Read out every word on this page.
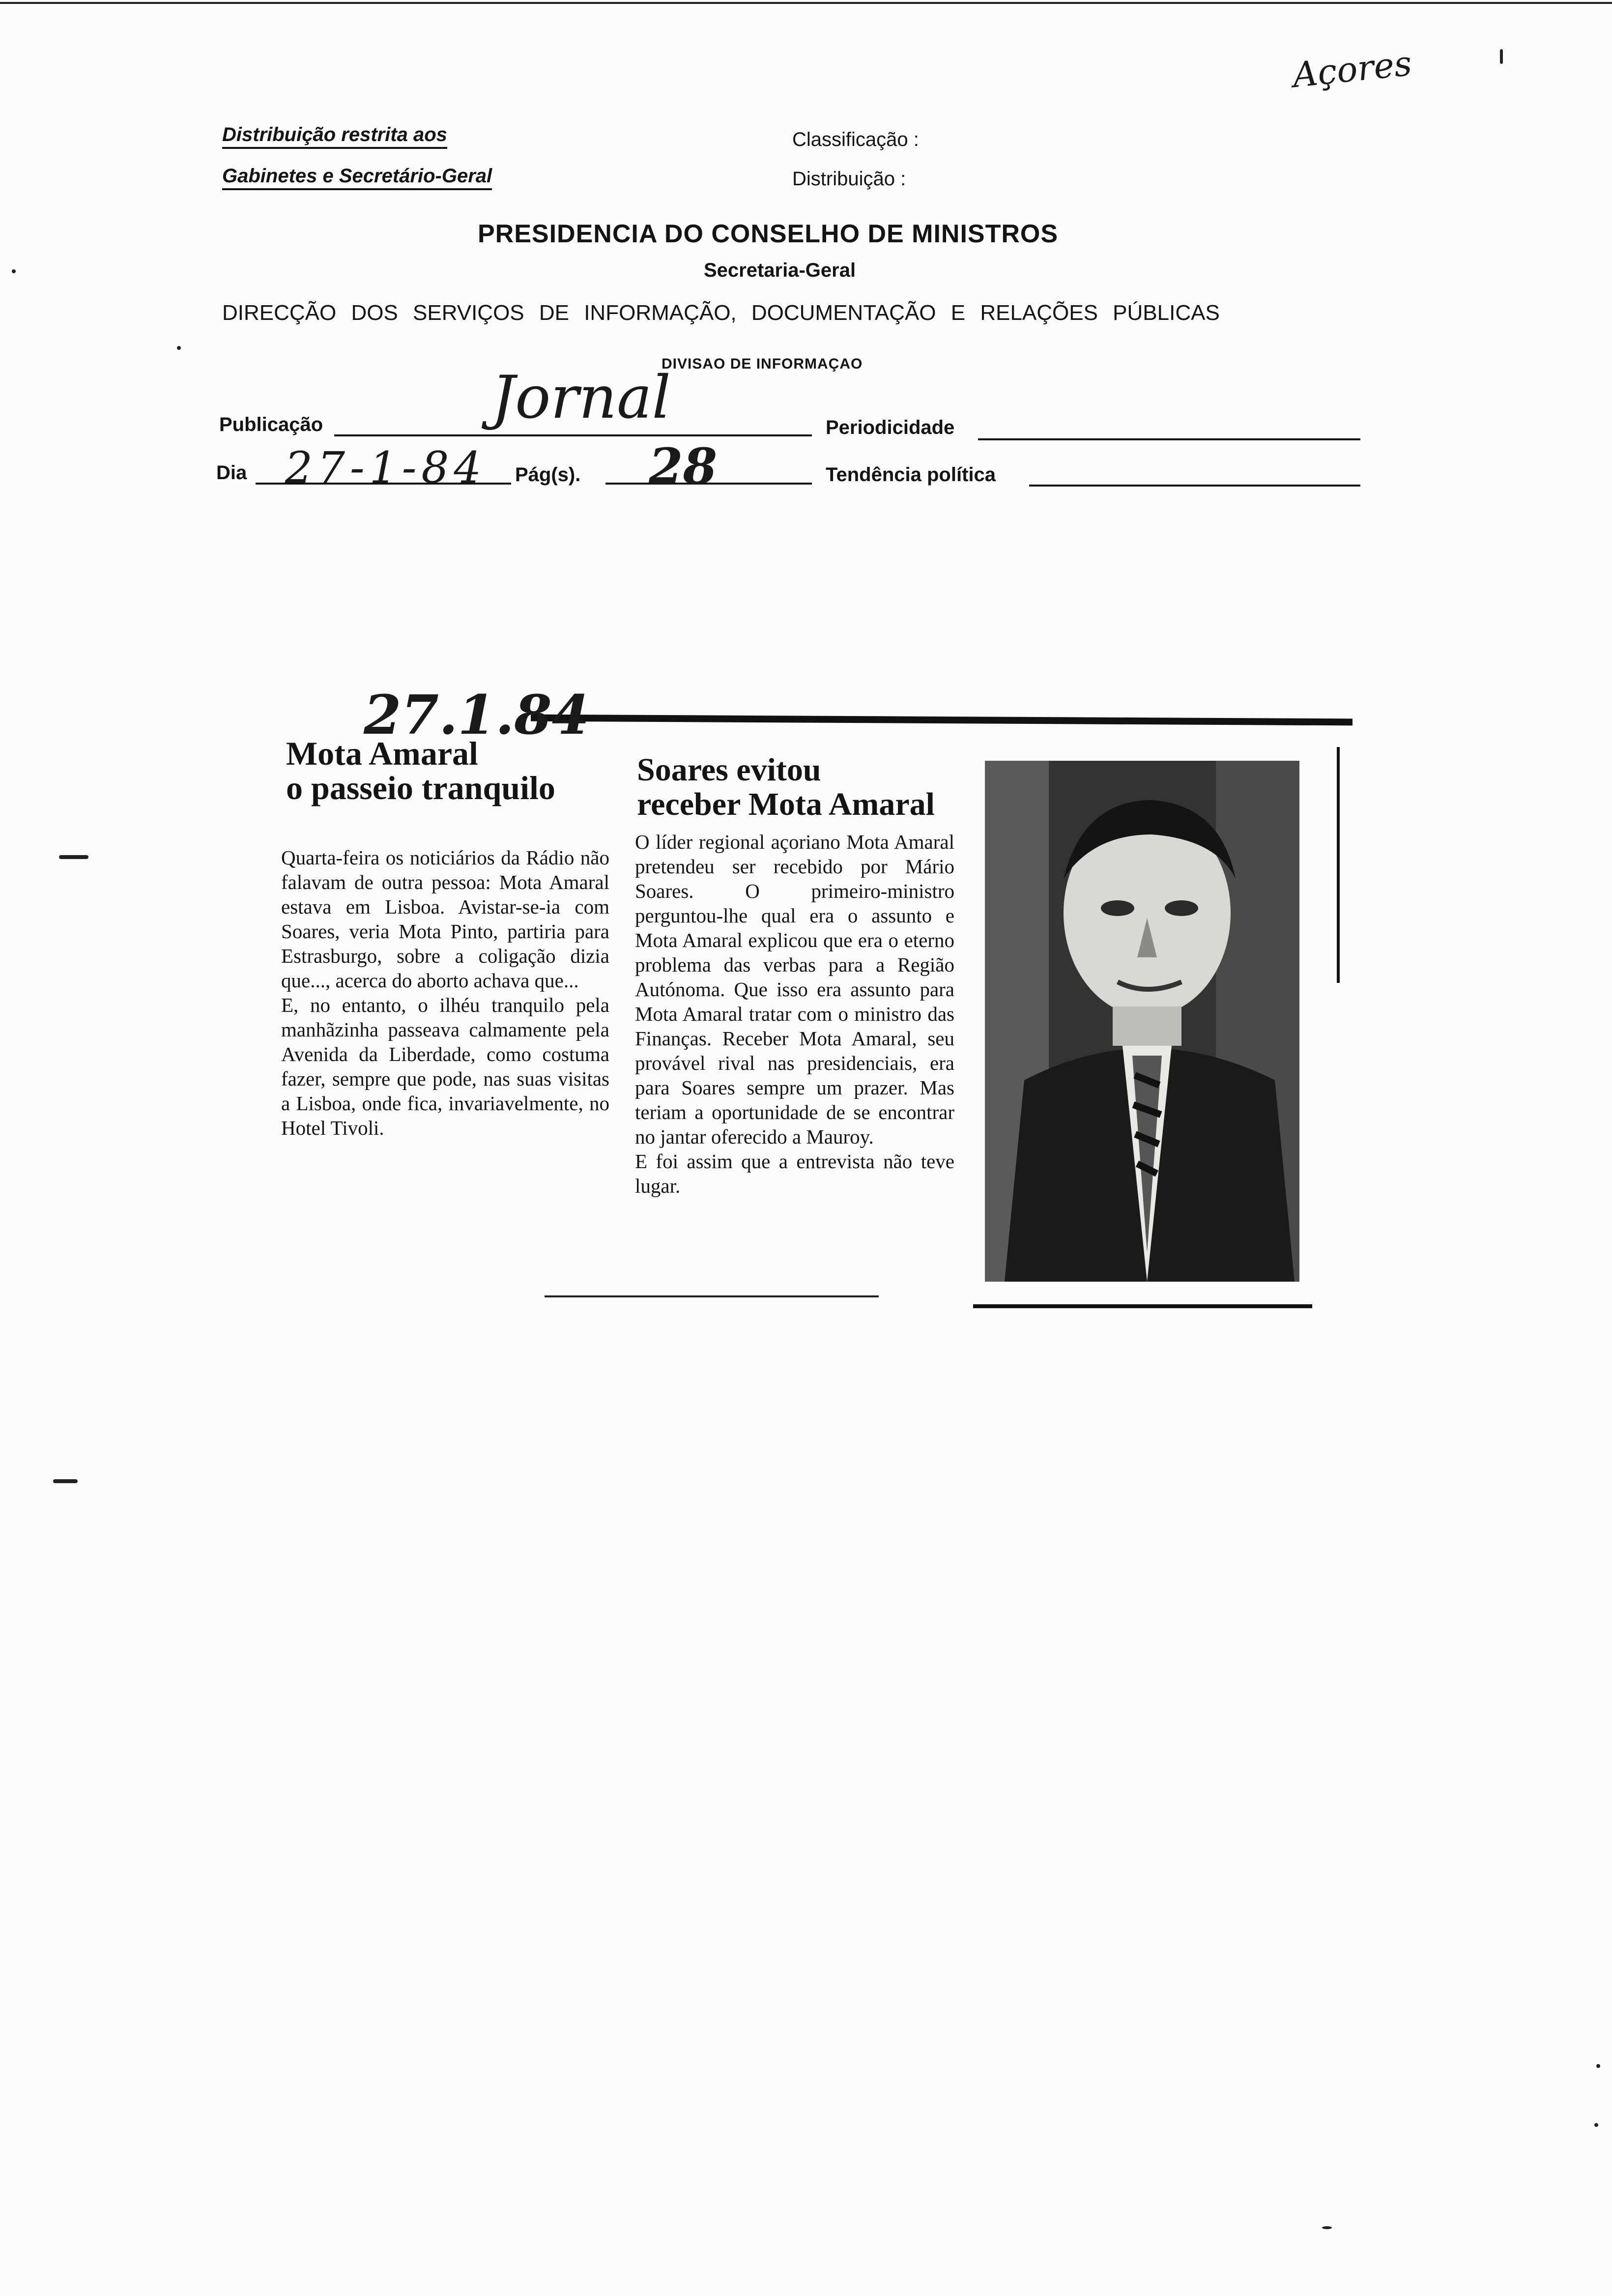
Açores
Distribuição restrita aos
Gabinetes e Secretário-Geral
Classificação :
Distribuição :
PRESIDENCIA DO CONSELHO DE MINISTROS
Secretaria-Geral
DIRECÇÃO DOS SERVIÇOS DE INFORMAÇÃO, DOCUMENTAÇÃO E RELAÇÕES PÚBLICAS
DIVISAO DE INFORMAÇAO
Publicação	Jornal	Periodicidade
Dia 27-1-84 Pág(s). 28	Tendência política
27.1.84
Mota Amaral
o passeio tranquilo
Quarta-feira os noticiários da Rádio não falavam de outra pessoa: Mota Amaral estava em Lisboa. Avistar-se-ia com Soares, veria Mota Pinto, partiria para Estrasburgo, sobre a coligação dizia que..., acerca do aborto achava que...
E, no entanto, o ilhéu tranquilo pela manhãzinha passeava calmamente pela Avenida da Liberdade, como costuma fazer, sempre que pode, nas suas visitas a Lisboa, onde fica, invariavelmente, no Hotel Tivoli.
Soares evitou
receber Mota Amaral
O líder regional açoriano Mota Amaral pretendeu ser recebido por Mário Soares. O primeiro-ministro perguntou-lhe qual era o assunto e Mota Amaral explicou que era o eterno problema das verbas para a Região Autónoma. Que isso era assunto para Mota Amaral tratar com o ministro das Finanças. Receber Mota Amaral, seu provável rival nas presidenciais, era para Soares sempre um prazer. Mas teriam a oportunidade de se encontrar no jantar oferecido a Mauroy.
E foi assim que a entrevista não teve lugar.
